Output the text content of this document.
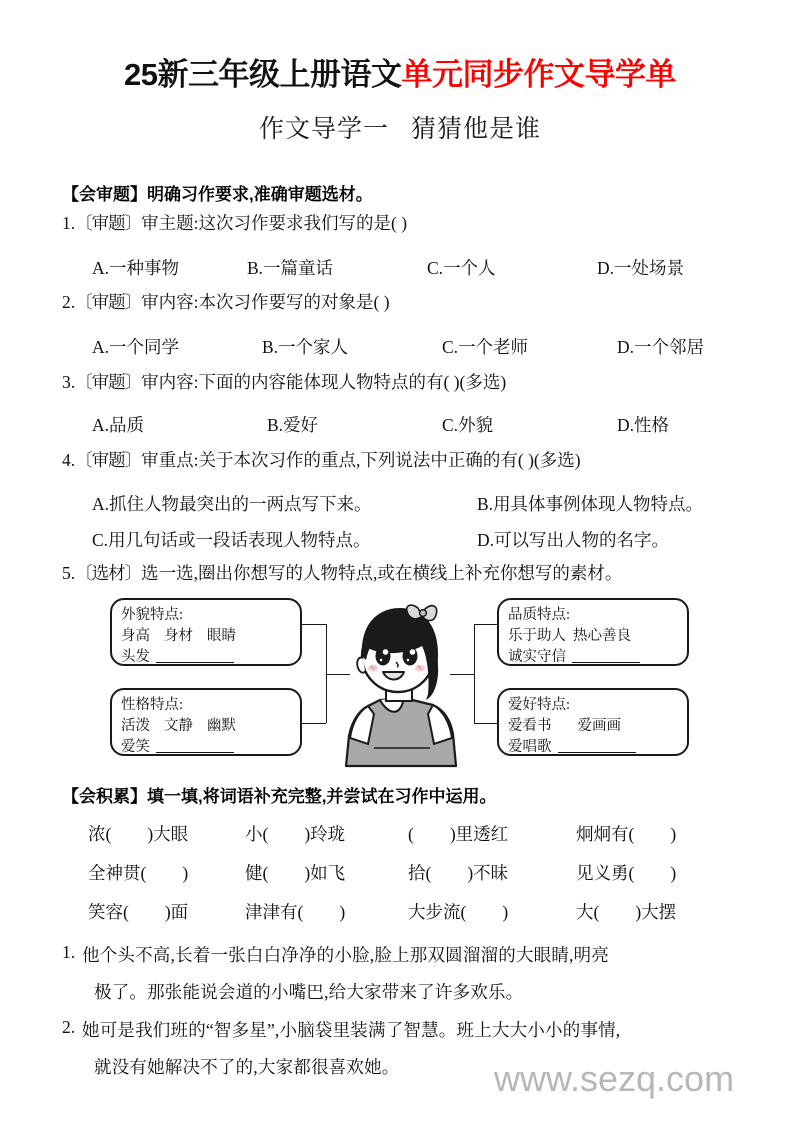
25新三年级上册语文单元同步作文导学单
作文导学一 猜猜他是谁
【会审题】明确习作要求,准确审题选材。
1.〔审题〕审主题:这次习作要求我们写的是( )
A.一种事物	B.一篇童话	C.一个人	D.一处场景
2.〔审题〕审内容:本次习作要写的对象是( )
A.一个同学	B.一个家人	C.一个老师	D.一个邻居
3.〔审题〕审内容:下面的内容能体现人物特点的有( )(多选)
A.品质	B.爱好	C.外貌	D.性格
4.〔审题〕审重点:关于本次习作的重点,下列说法中正确的有( )(多选)
A.抓住人物最突出的一两点写下来。	B.用具体事例体现人物特点。
C.用几句话或一段话表现人物特点。	D.可以写出人物的名字。
5.〔选材〕选一选,圈出你想写的人物特点,或在横线上补充你想写的素材。
外貌特点:
身高 身材 眼睛
头发
性格特点:
活泼 文静 幽默
爱笑
品质特点:
乐于助人 热心善良
诚实守信
爱好特点:
爱看书 爱画画
爱唱歌
【会积累】填一填,将词语补充完整,并尝试在习作中运用。
浓( )大眼	小( )玲珑	( )里透红	炯炯有( )
全神贯( )	健( )如飞	拾( )不昧	见义勇( )
笑容( )面	津津有( )	大步流( )	大( )大摆
1. 他个头不高,长着一张白白净净的小脸,脸上那双圆溜溜的大眼睛,明亮
极了。那张能说会道的小嘴巴,给大家带来了许多欢乐。
2. 她可是我们班的“智多星”,小脑袋里装满了智慧。班上大大小小的事情,
就没有她解决不了的,大家都很喜欢她。	www.sezq.com
